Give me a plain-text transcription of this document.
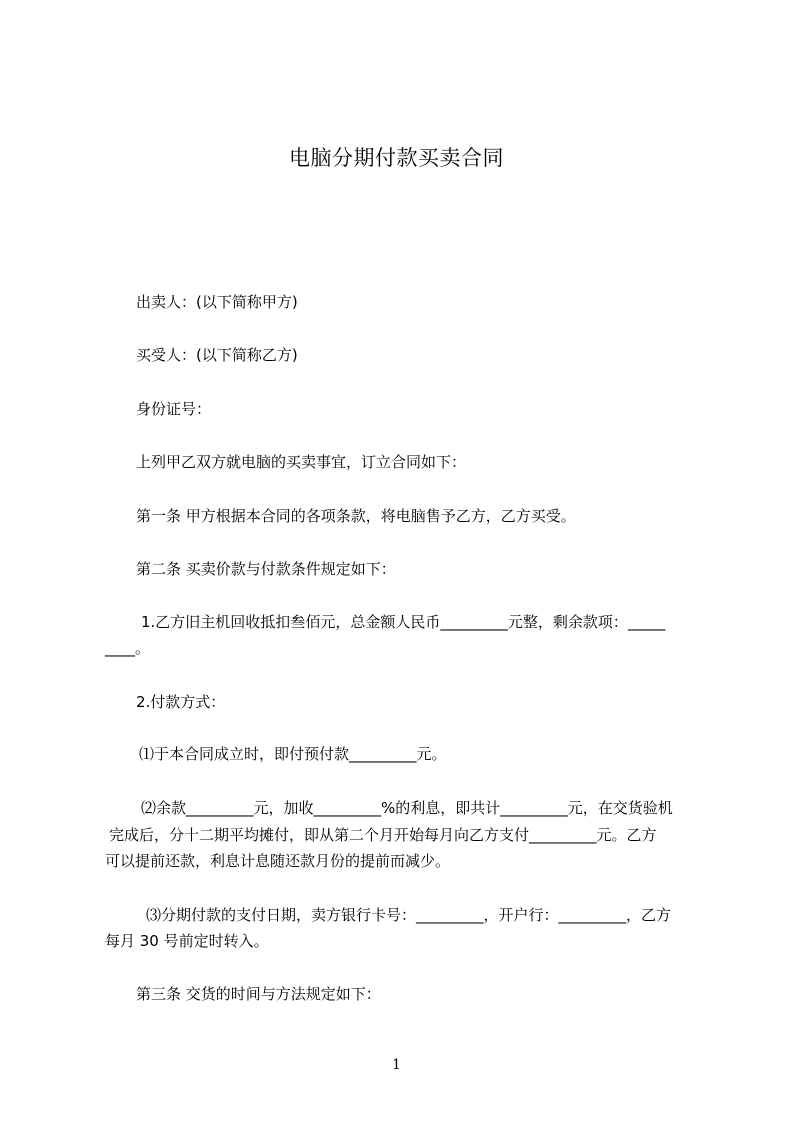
电脑分期付款买卖合同
出卖人：(以下简称甲方)
买受人：(以下简称乙方)
身份证号：
上列甲乙双方就电脑的买卖事宜，订立合同如下：
第一条 甲方根据本合同的各项条款，将电脑售予乙方，乙方买受。
第二条 买卖价款与付款条件规定如下：
1.乙方旧主机回收抵扣叁佰元，总金额人民币_________元整，剩余款项：_____
____。
2.付款方式：
⑴于本合同成立时，即付预付款_________元。
⑵余款_________元，加收_________%的利息，即共计_________元，在交货验机
完成后，分十二期平均摊付，即从第二个月开始每月向乙方支付_________元。乙方
可以提前还款，利息计息随还款月份的提前而减少。
⑶分期付款的支付日期，卖方银行卡号：_________，开户行：_________，乙方
每月 30 号前定时转入。
第三条 交货的时间与方法规定如下：
1
